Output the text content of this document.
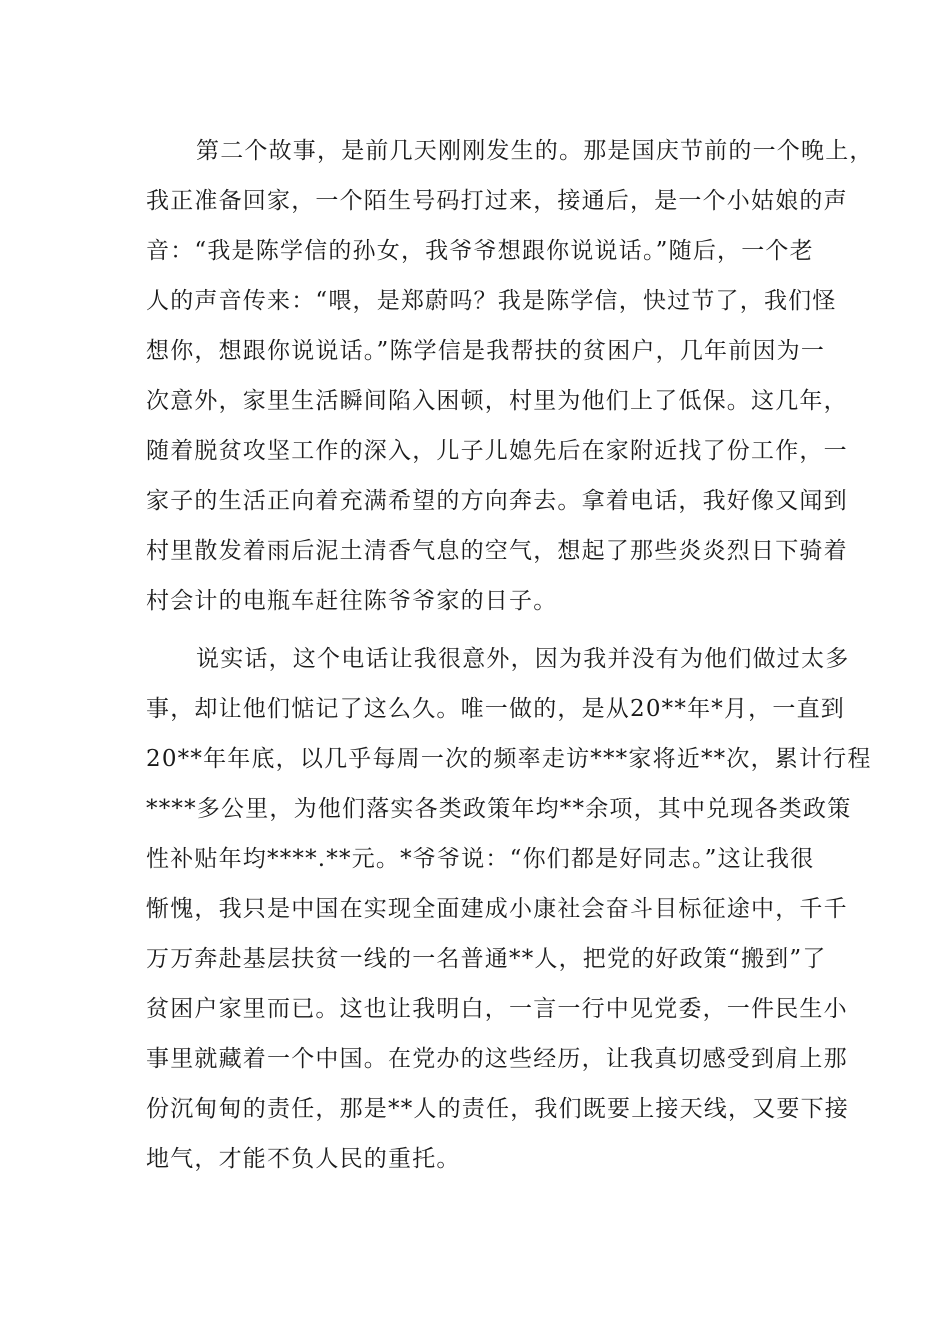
第二个故事，是前几天刚刚发生的。那是国庆节前的一个晚上，
我正准备回家，一个陌生号码打过来，接通后，是一个小姑娘的声
音：“我是陈学信的孙女，我爷爷想跟你说说话。”随后，一个老
人的声音传来：“喂，是郑蔚吗？我是陈学信，快过节了，我们怪
想你，想跟你说说话。”陈学信是我帮扶的贫困户，几年前因为一
次意外，家里生活瞬间陷入困顿，村里为他们上了低保。这几年，
随着脱贫攻坚工作的深入，儿子儿媳先后在家附近找了份工作，一
家子的生活正向着充满希望的方向奔去。拿着电话，我好像又闻到
村里散发着雨后泥土清香气息的空气，想起了那些炎炎烈日下骑着
村会计的电瓶车赶往陈爷爷家的日子。
说实话，这个电话让我很意外，因为我并没有为他们做过太多
事，却让他们惦记了这么久。唯一做的，是从20**年*月，一直到
20**年年底，以几乎每周一次的频率走访***家将近**次，累计行程
****多公里，为他们落实各类政策年均**余项，其中兑现各类政策
性补贴年均****.**元。*爷爷说：“你们都是好同志。”这让我很
惭愧，我只是中国在实现全面建成小康社会奋斗目标征途中，千千
万万奔赴基层扶贫一线的一名普通**人，把党的好政策“搬到”了
贫困户家里而已。这也让我明白，一言一行中见党委，一件民生小
事里就藏着一个中国。在党办的这些经历，让我真切感受到肩上那
份沉甸甸的责任，那是**人的责任，我们既要上接天线，又要下接
地气，才能不负人民的重托。
